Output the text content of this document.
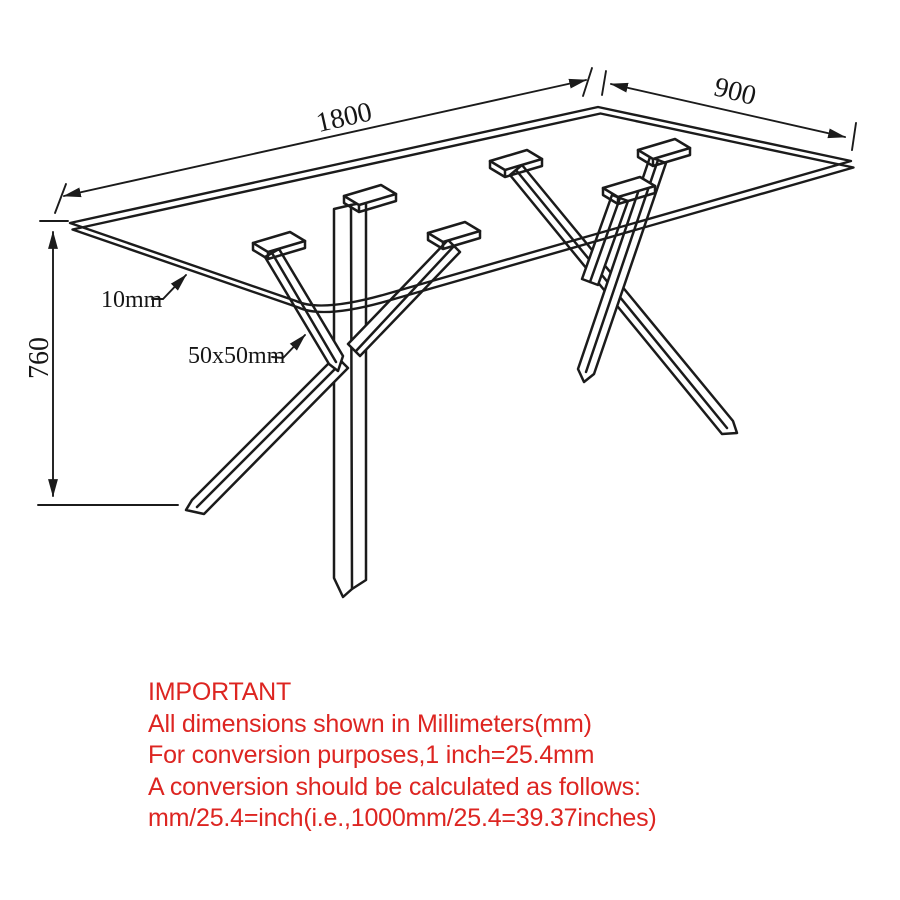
1800
900
760
10mm
50x50mm
IMPORTANT
All dimensions shown in Millimeters(mm)
For conversion purposes,1 inch=25.4mm
A conversion should be calculated as follows:
mm/25.4=inch(i.e.,1000mm/25.4=39.37inches)
